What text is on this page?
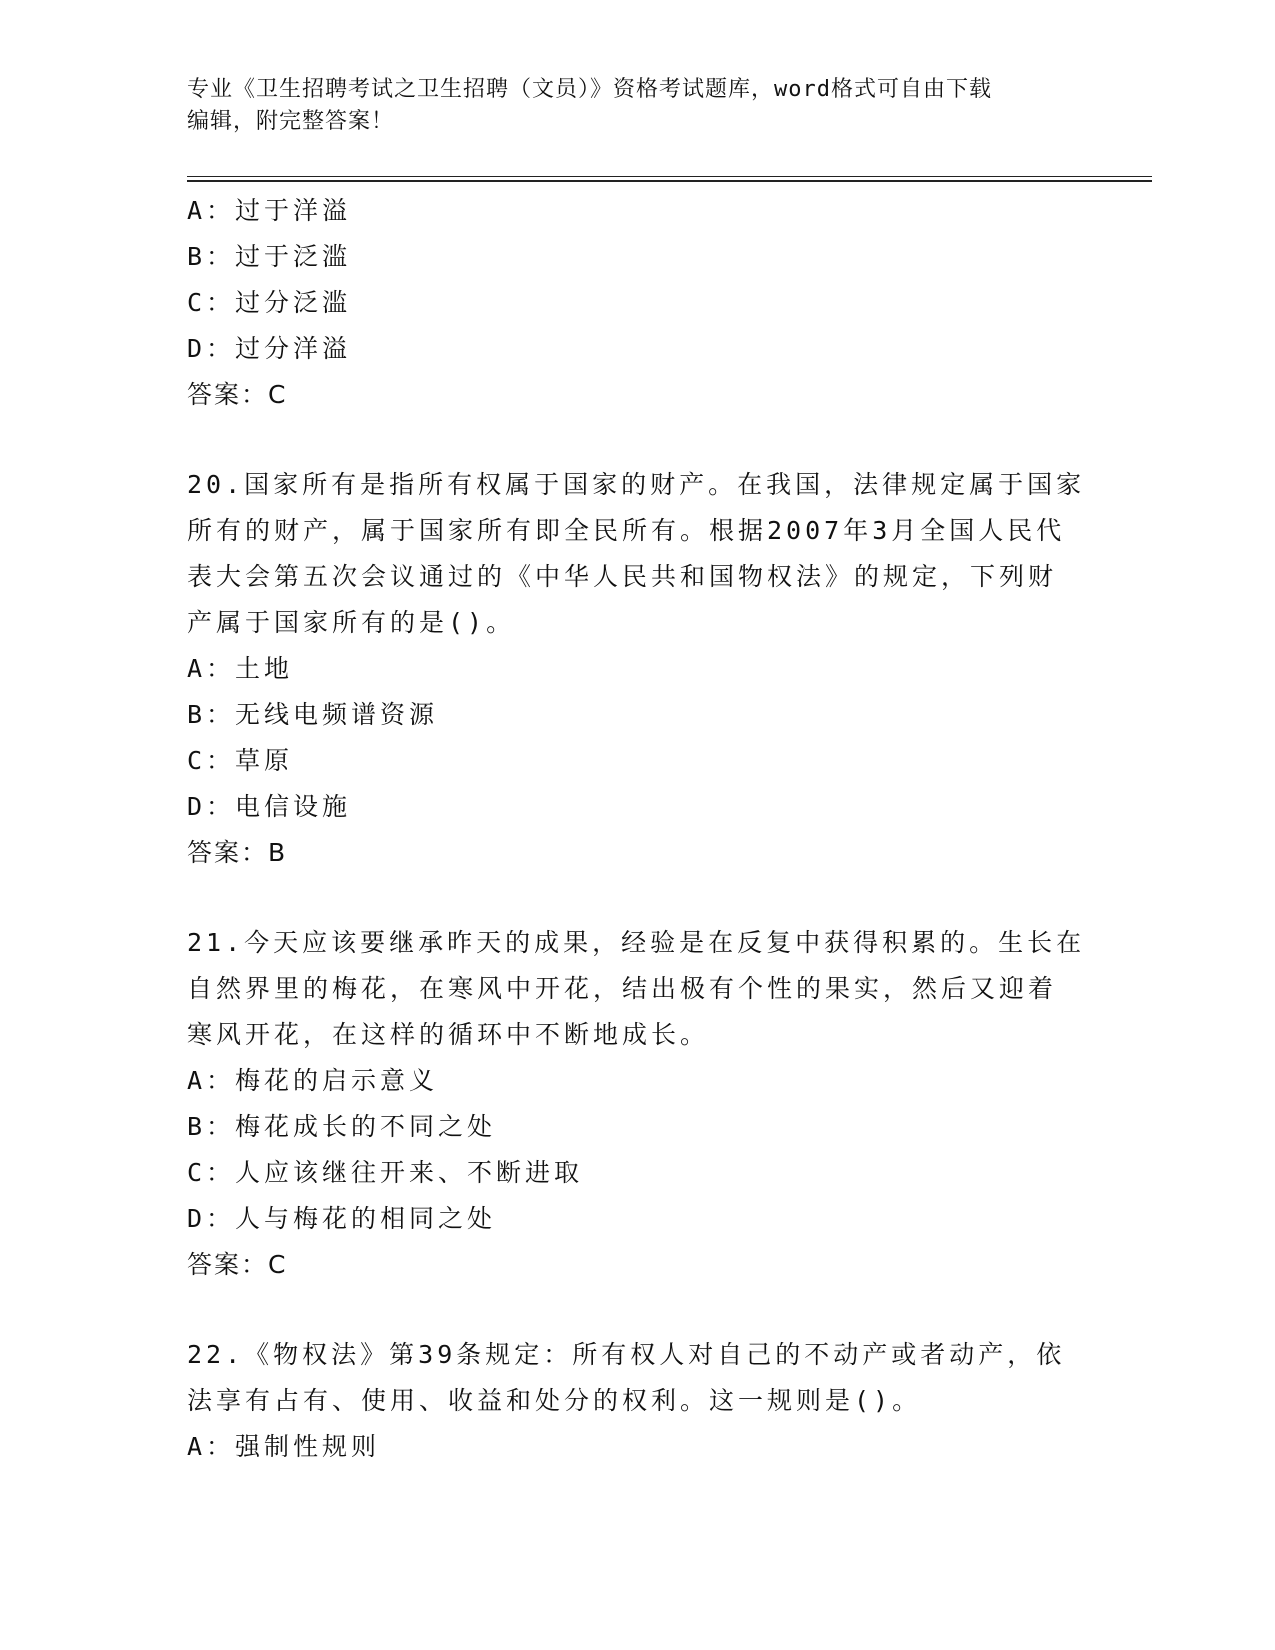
专业《卫生招聘考试之卫生招聘（文员）》资格考试题库，word格式可自由下载
编辑，附完整答案！
A：过于洋溢
B：过于泛滥
C：过分泛滥
D：过分洋溢
答案：C
20.国家所有是指所有权属于国家的财产。在我国，法律规定属于国家
所有的财产，属于国家所有即全民所有。根据2007年3月全国人民代
表大会第五次会议通过的《中华人民共和国物权法》的规定，下列财
产属于国家所有的是()。
A：土地
B：无线电频谱资源
C：草原
D：电信设施
答案：B
21.今天应该要继承昨天的成果，经验是在反复中获得积累的。生长在
自然界里的梅花，在寒风中开花，结出极有个性的果实，然后又迎着
寒风开花，在这样的循环中不断地成长。
A：梅花的启示意义
B：梅花成长的不同之处
C：人应该继往开来、不断进取
D：人与梅花的相同之处
答案：C
22.《物权法》第39条规定：所有权人对自己的不动产或者动产，依
法享有占有、使用、收益和处分的权利。这一规则是()。
A：强制性规则
